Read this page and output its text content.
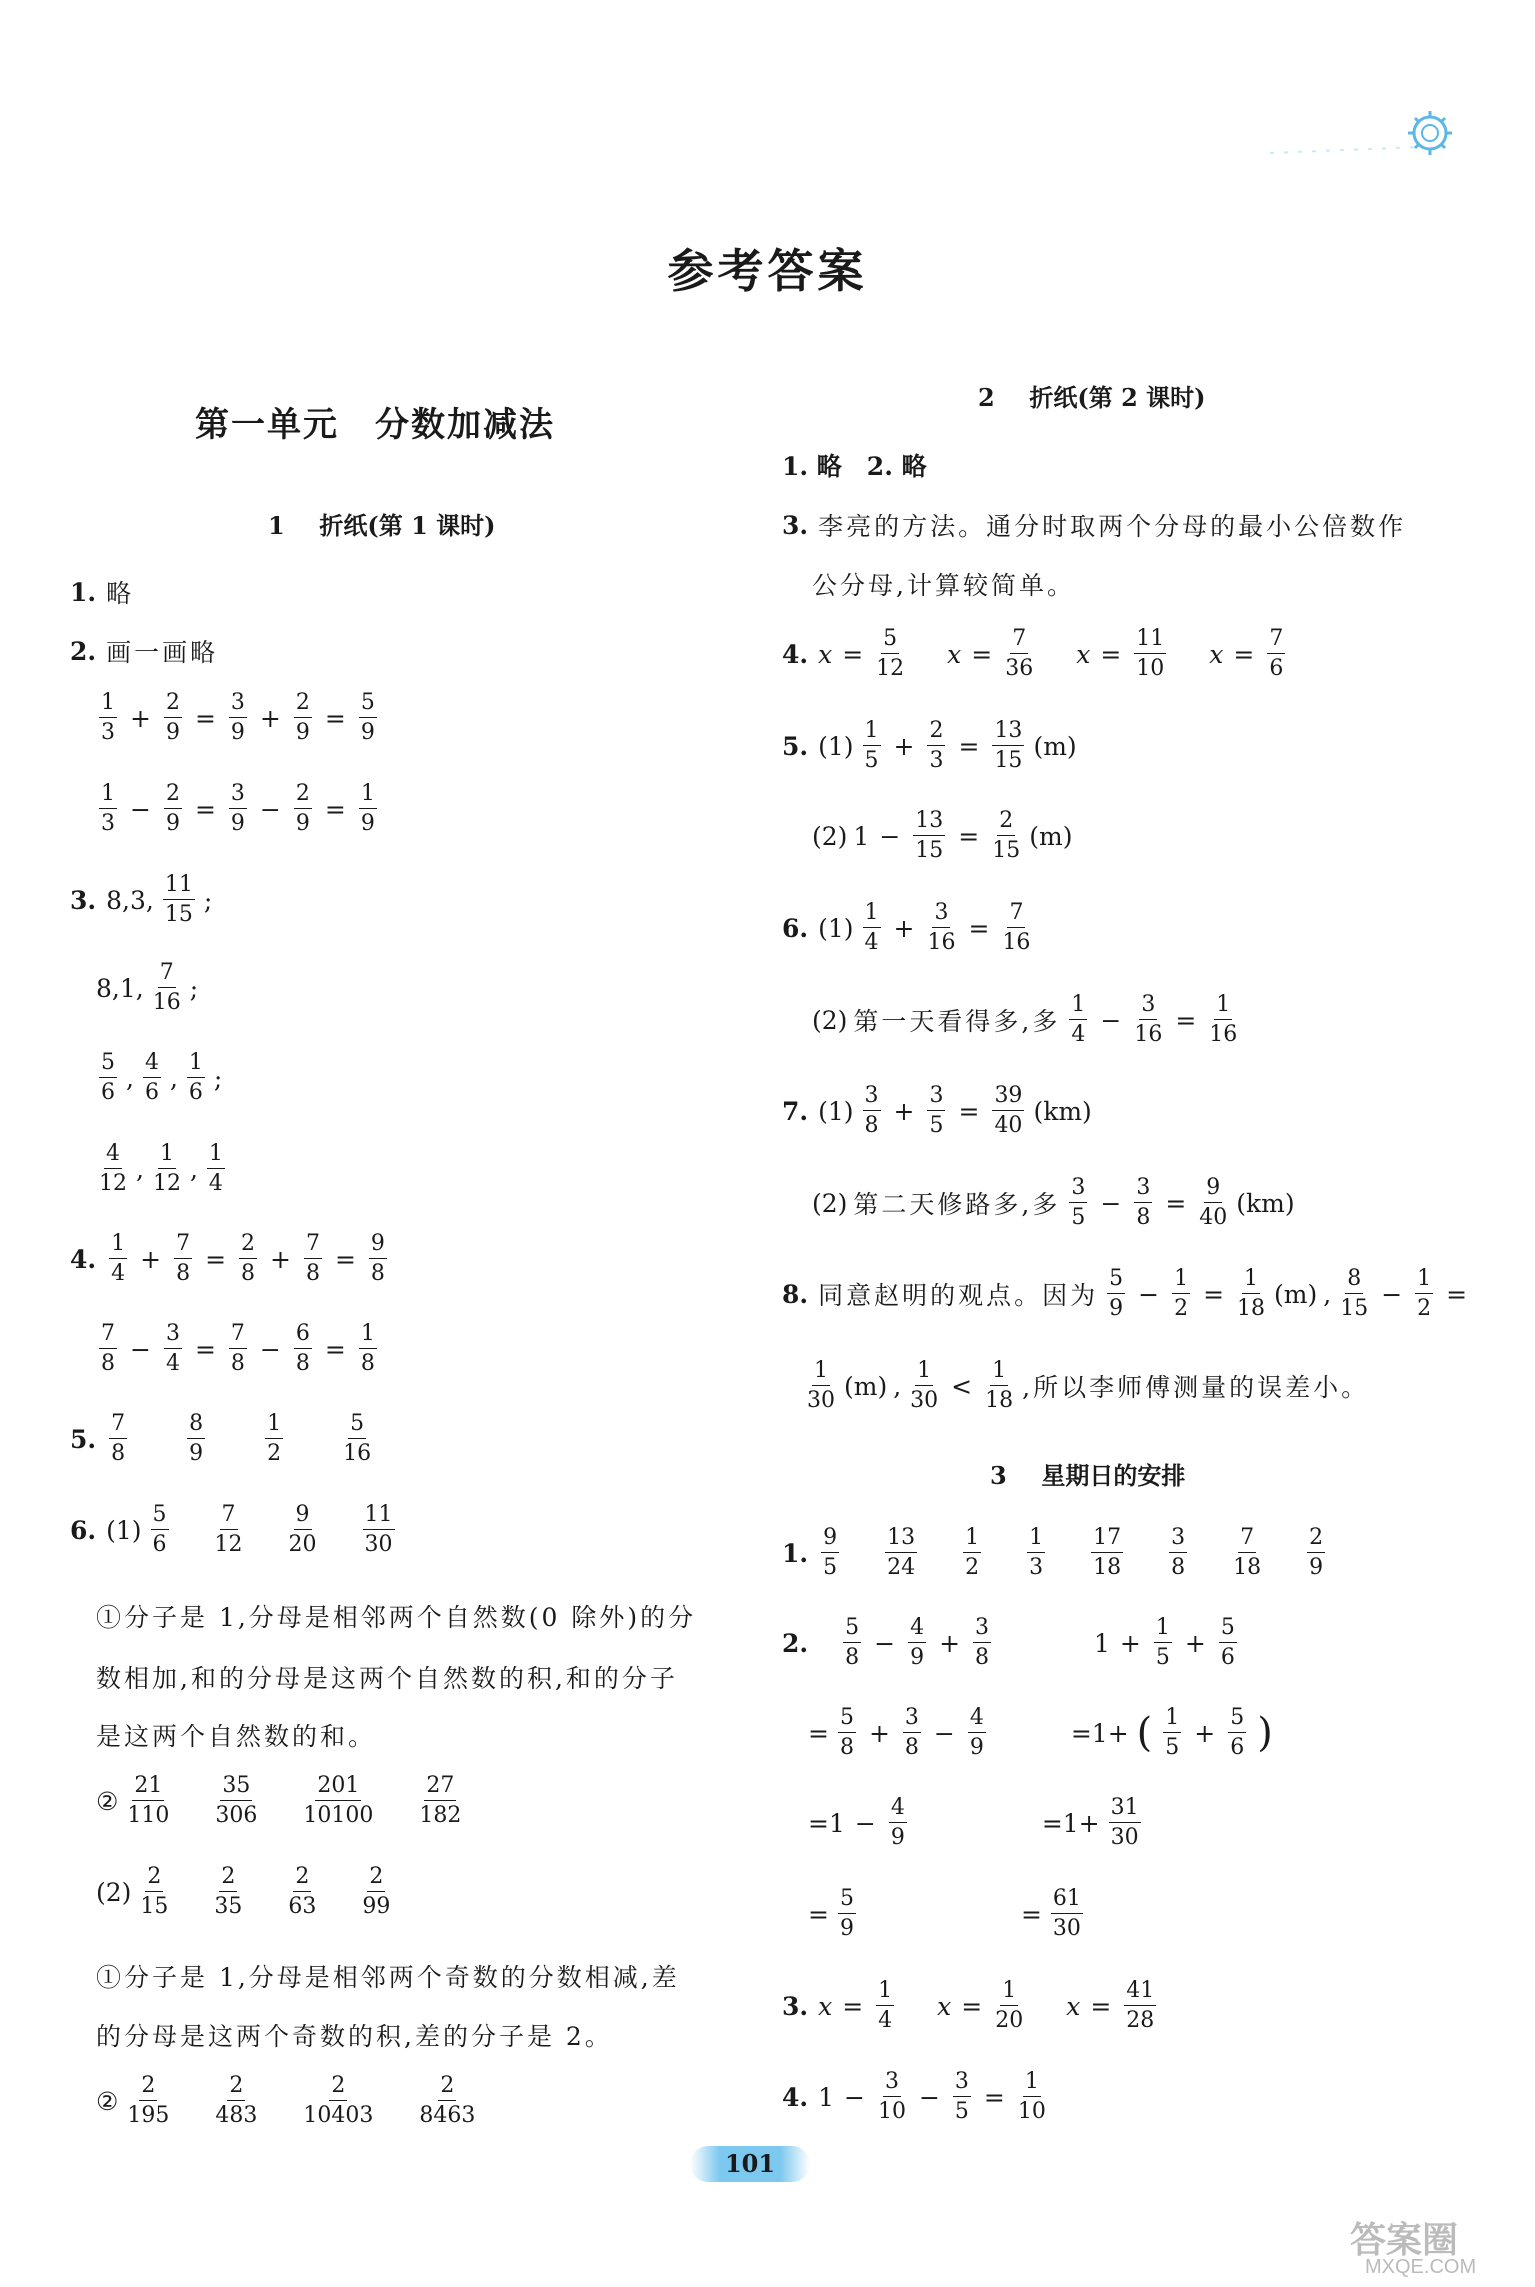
参考答案
第一单元　分数加减法
1 折纸(第 1 课时)
1. 略
2. 画一画略
$\frac{1}{3} + \frac{2}{9} = \frac{3}{9} + \frac{2}{9} = \frac{5}{9}$
$\frac{1}{3} - \frac{2}{9} = \frac{3}{9} - \frac{2}{9} = \frac{1}{9}$
3. 8,3, $\frac{11}{15}$ ;
8,1, $\frac{7}{16}$ ;
$\frac{5}{6}$ , $\frac{4}{6}$ , $\frac{1}{6}$ ;
$\frac{4}{12}$ , $\frac{1}{12}$ , $\frac{1}{4}$
4. $\frac{1}{4} + \frac{7}{8} = \frac{2}{8} + \frac{7}{8} = \frac{9}{8}$
$\frac{7}{8} - \frac{3}{4} = \frac{7}{8} - \frac{6}{8} = \frac{1}{8}$
5. $\frac{7}{8}$	$\frac{8}{9}$	$\frac{1}{2}$	$\frac{5}{16}$
6. $(1) \frac{5}{6} \frac{7}{12} \frac{9}{20} \frac{11}{30}$
①分子是 1,分母是相邻两个自然数(0 除外)的分
数相加,和的分母是这两个自然数的积,和的分子
是这两个自然数的和。
② $\frac{21}{110} \frac{35}{306} \frac{201}{10100} \frac{27}{182}$
$(2) \frac{2}{15} \frac{2}{35} \frac{2}{63} \frac{2}{99}$
①分子是 1,分母是相邻两个奇数的分数相减,差
的分母是这两个奇数的积,差的分子是 2。
② $\frac{2}{195} \frac{2}{483} \frac{2}{10403} \frac{2}{8463}$
2 折纸(第 2 课时)
1. 略　2. 略
3. 李亮的方法。通分时取两个分母的最小公倍数作
公分母,计算较简单。
4. $x = \frac{5}{12}$ $x = \frac{7}{36}$ $x = \frac{11}{10}$ $x = \frac{7}{6}$
5. $(1) \frac{1}{5} + \frac{2}{3} = \frac{13}{15} (m)$
(2) $1 - \frac{13}{15} = \frac{2}{15} (m)$
6. $(1) \frac{1}{4} + \frac{3}{16} = \frac{7}{16}$
(2) 第一天看得多,多 $\frac{1}{4} - \frac{3}{16} = \frac{1}{16}$
7. $(1) \frac{3}{8} + \frac{3}{5} = \frac{39}{40} (km)$
(2) 第二天修路多,多 $\frac{3}{5} - \frac{3}{8} = \frac{9}{40} (km)$
8. 同意赵明的观点。因为 $\frac{5}{9} - \frac{1}{2} = \frac{1}{18} (m)$ , $\frac{8}{15} - \frac{1}{2}$ =
$\frac{1}{30} (m)$ , $\frac{1}{30} < \frac{1}{18}$ ,所以李师傅测量的误差小。
3 星期日的安排
1. $\frac{9}{5} \frac{13}{24} \frac{1}{2} \frac{1}{3} \frac{17}{18} \frac{3}{8} \frac{7}{18} \frac{2}{9}$
2. $\frac{5}{8} - \frac{4}{9} + \frac{3}{8}$	$1 + \frac{1}{5} + \frac{5}{6}$
= $\frac{5}{8} + \frac{3}{8} - \frac{4}{9}$	=1+ ( $\frac{1}{5} + \frac{5}{6}$ )
$=1 - \frac{4}{9}$	$=1+ \frac{31}{30}$
= $\frac{5}{9}$	= $\frac{61}{30}$
3. $x = \frac{1}{4}$ $x = \frac{1}{20}$ $x = \frac{41}{28}$
4. $1 - \frac{3}{10} - \frac{3}{5} = \frac{1}{10}$
101
答案圈
MXQE.COM
